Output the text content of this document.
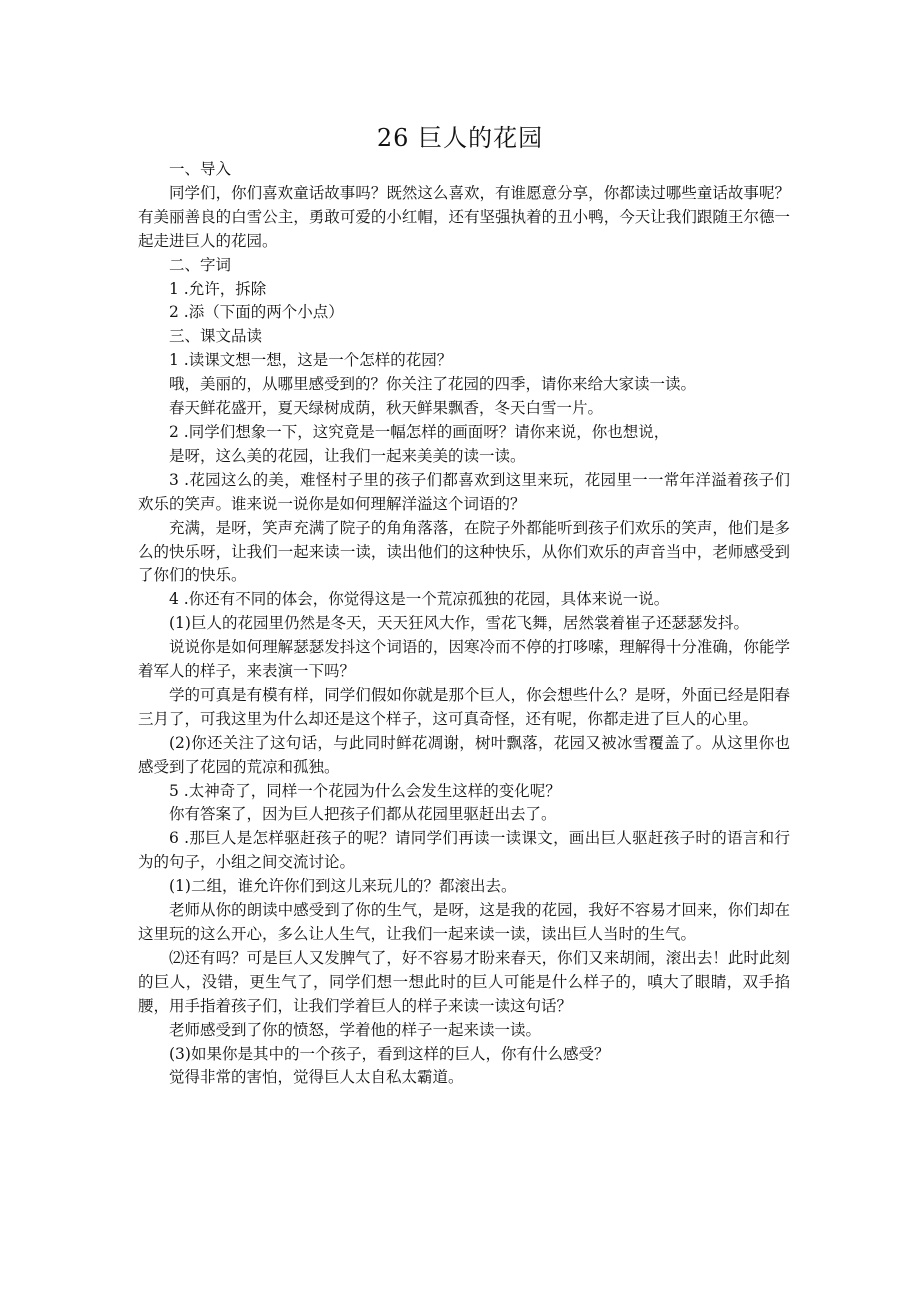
26 巨人的花园

一、导入

同学们，你们喜欢童话故事吗？既然这么喜欢，有谁愿意分享，你都读过哪些童话故事呢？有美丽善良的白雪公主，勇敢可爱的小红帽，还有坚强执着的丑小鸭，今天让我们跟随王尔德一起走进巨人的花园。

二、字词

1 .允许，拆除

2 .添（下面的两个小点）

三、课文品读

1 .读课文想一想，这是一个怎样的花园？

哦，美丽的，从哪里感受到的？你关注了花园的四季，请你来给大家读一读。

春天鲜花盛开，夏天绿树成荫，秋天鲜果飘香，冬天白雪一片。

2 .同学们想象一下，这究竟是一幅怎样的画面呀？请你来说，你也想说，

是呀，这么美的花园，让我们一起来美美的读一读。

3 .花园这么的美，难怪村子里的孩子们都喜欢到这里来玩，花园里一一常年洋溢着孩子们欢乐的笑声。谁来说一说你是如何理解洋溢这个词语的？

充满，是呀，笑声充满了院子的角角落落，在院子外都能听到孩子们欢乐的笑声，他们是多么的快乐呀，让我们一起来读一读，读出他们的这种快乐，从你们欢乐的声音当中，老师感受到了你们的快乐。

4 .你还有不同的体会，你觉得这是一个荒凉孤独的花园，具体来说一说。

(1)巨人的花园里仍然是冬天，天天狂风大作，雪花飞舞，居然裳着崔子还瑟瑟发抖。

说说你是如何理解瑟瑟发抖这个词语的，因寒冷而不停的打哆嗦，理解得十分准确，你能学着军人的样子，来表演一下吗？

学的可真是有模有样，同学们假如你就是那个巨人，你会想些什么？是呀，外面已经是阳春三月了，可我这里为什么却还是这个样子，这可真奇怪，还有呢，你都走进了巨人的心里。

(2)你还关注了这句话，与此同时鲜花凋谢，树叶飘落，花园又被冰雪覆盖了。从这里你也感受到了花园的荒凉和孤独。

5 .太神奇了，同样一个花园为什么会发生这样的变化呢？

你有答案了，因为巨人把孩子们都从花园里驱赶出去了。

6 .那巨人是怎样驱赶孩子的呢？请同学们再读一读课文，画出巨人驱赶孩子时的语言和行为的句子，小组之间交流讨论。

(1)二组，谁允许你们到这儿来玩儿的？都滚出去。

老师从你的朗读中感受到了你的生气，是呀，这是我的花园，我好不容易才回来，你们却在这里玩的这么开心，多么让人生气，让我们一起来读一读，读出巨人当时的生气。

⑵还有吗？可是巨人又发脾气了，好不容易才盼来春天，你们又来胡闹，滚出去！此时此刻的巨人，没错，更生气了，同学们想一想此时的巨人可能是什么样子的，嗔大了眼睛，双手掐腰，用手指着孩子们，让我们学着巨人的样子来读一读这句话？

老师感受到了你的愤怒，学着他的样子一起来读一读。

(3)如果你是其中的一个孩子，看到这样的巨人，你有什么感受？

觉得非常的害怕，觉得巨人太自私太霸道。
